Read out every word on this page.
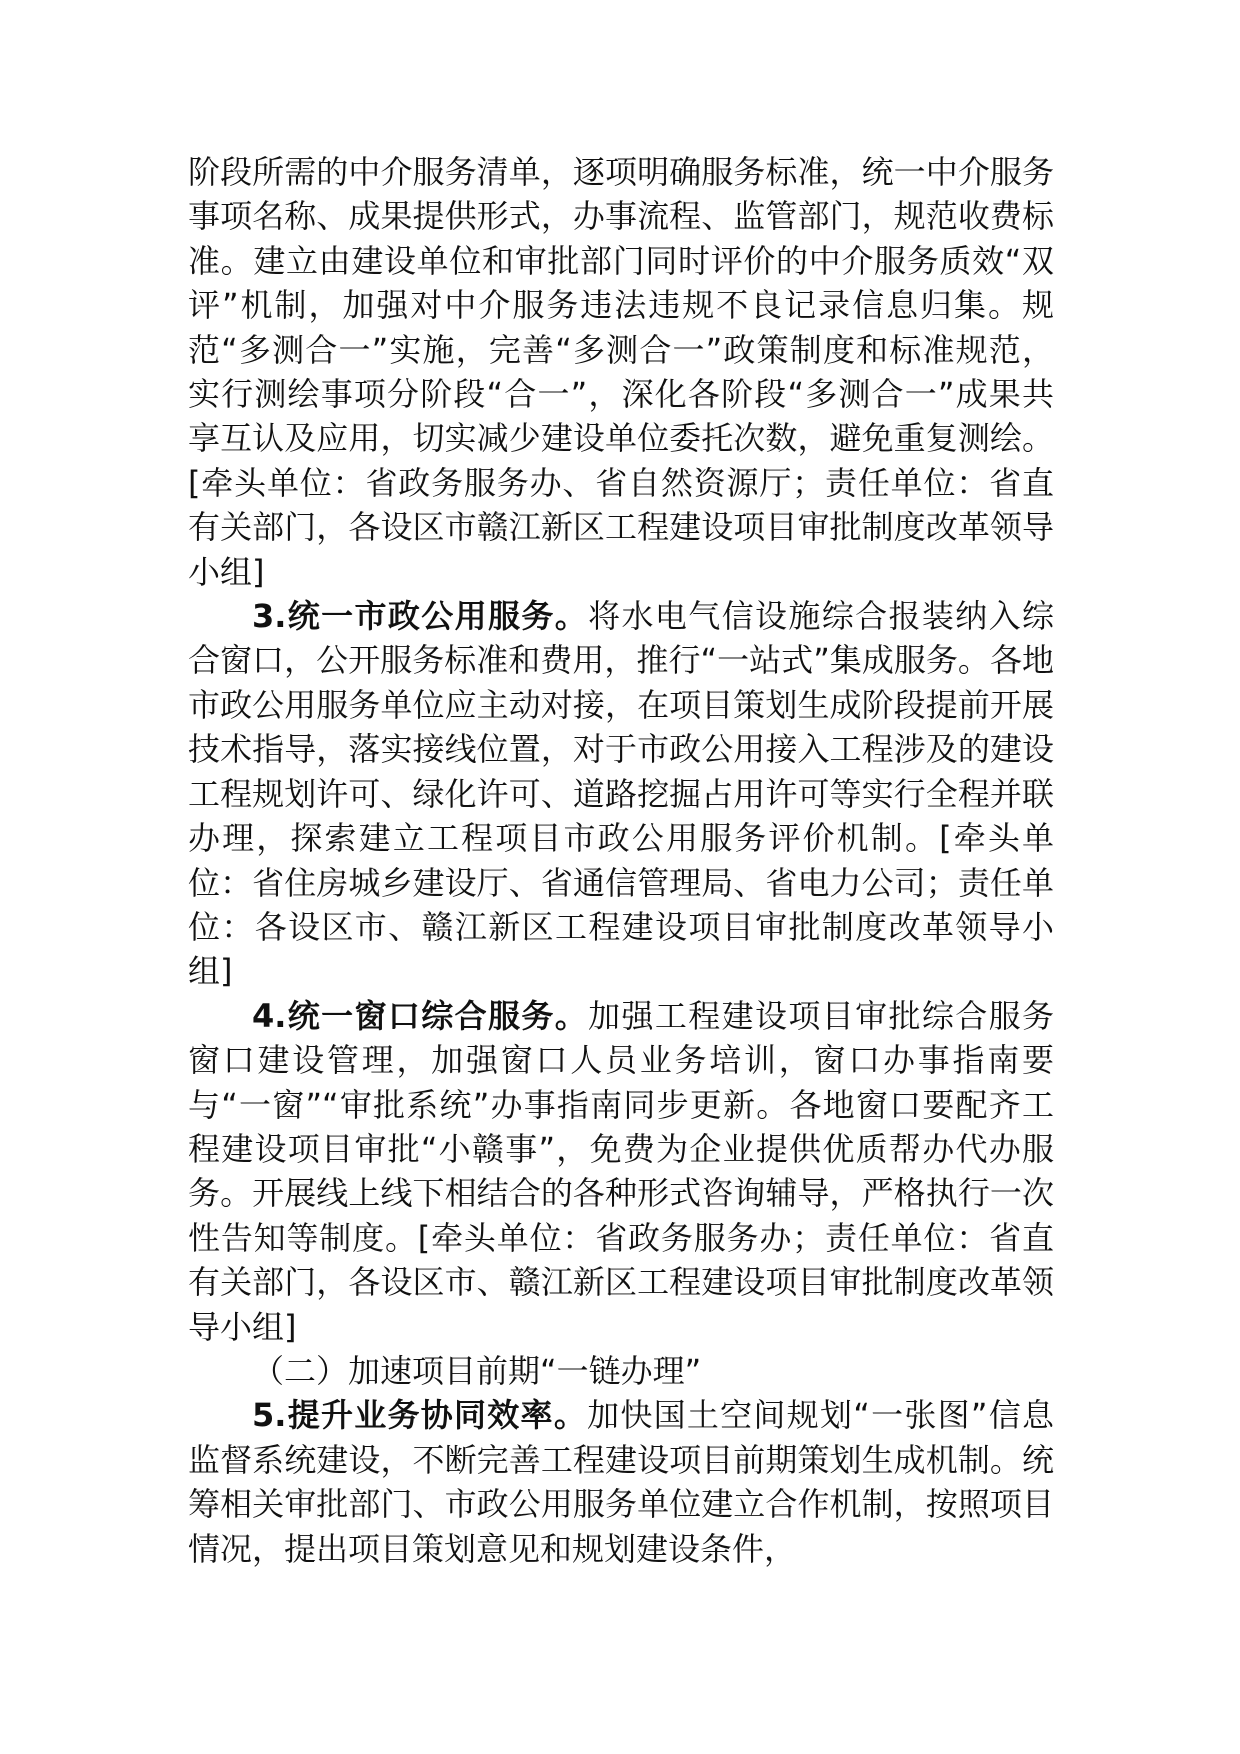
阶段所需的中介服务清单，逐项明确服务标准，统一中介服务事项名称、成果提供形式，办事流程、监管部门，规范收费标准。建立由建设单位和审批部门同时评价的中介服务质效“双评”机制，加强对中介服务违法违规不良记录信息归集。规范“多测合一”实施，完善“多测合一”政策制度和标准规范，实行测绘事项分阶段“合一”，深化各阶段“多测合一”成果共享互认及应用，切实减少建设单位委托次数，避免重复测绘。[牵头单位：省政务服务办、省自然资源厅；责任单位：省直有关部门，各设区市赣江新区工程建设项目审批制度改革领导小组]

3.统一市政公用服务。将水电气信设施综合报装纳入综合窗口，公开服务标准和费用，推行“一站式”集成服务。各地市政公用服务单位应主动对接，在项目策划生成阶段提前开展技术指导，落实接线位置，对于市政公用接入工程涉及的建设工程规划许可、绿化许可、道路挖掘占用许可等实行全程并联办理，探索建立工程项目市政公用服务评价机制。[牵头单位：省住房城乡建设厅、省通信管理局、省电力公司；责任单位：各设区市、赣江新区工程建设项目审批制度改革领导小组]

4.统一窗口综合服务。加强工程建设项目审批综合服务窗口建设管理，加强窗口人员业务培训，窗口办事指南要与“一窗”“审批系统”办事指南同步更新。各地窗口要配齐工程建设项目审批“小赣事”，免费为企业提供优质帮办代办服务。开展线上线下相结合的各种形式咨询辅导，严格执行一次性告知等制度。[牵头单位：省政务服务办；责任单位：省直有关部门，各设区市、赣江新区工程建设项目审批制度改革领导小组]

（二）加速项目前期“一链办理”

5.提升业务协同效率。加快国土空间规划“一张图”信息监督系统建设，不断完善工程建设项目前期策划生成机制。统筹相关审批部门、市政公用服务单位建立合作机制，按照项目情况，提出项目策划意见和规划建设条件，
